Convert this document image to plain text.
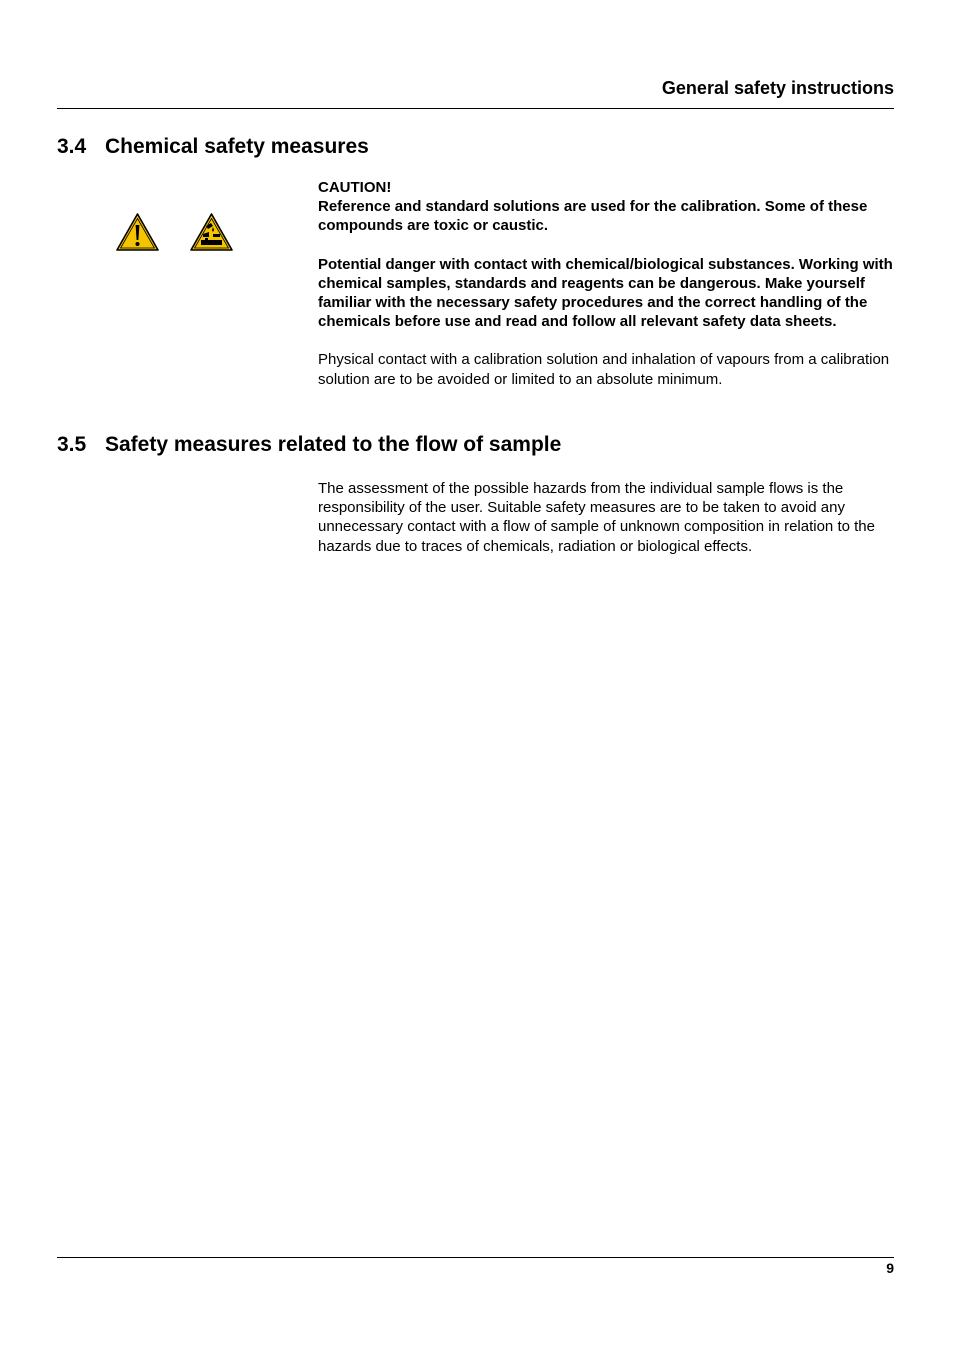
General safety instructions
3.4 Chemical safety measures

CAUTION!

Reference and standard solutions are used for the calibration. Some of these compounds are toxic or caustic.

Potential danger with contact with chemical/biological substances. Working with chemical samples, standards and reagents can be dangerous. Make yourself familiar with the necessary safety procedures and the correct handling of the chemicals before use and read and follow all relevant safety data sheets.

Physical contact with a calibration solution and inhalation of vapours from a calibration solution are to be avoided or limited to an absolute minimum.

3.5 Safety measures related to the flow of sample

The assessment of the possible hazards from the individual sample flows is the responsibility of the user. Suitable safety measures are to be taken to avoid any unnecessary contact with a flow of sample of unknown composition in relation to the hazards due to traces of chemicals, radiation or biological effects.

9
